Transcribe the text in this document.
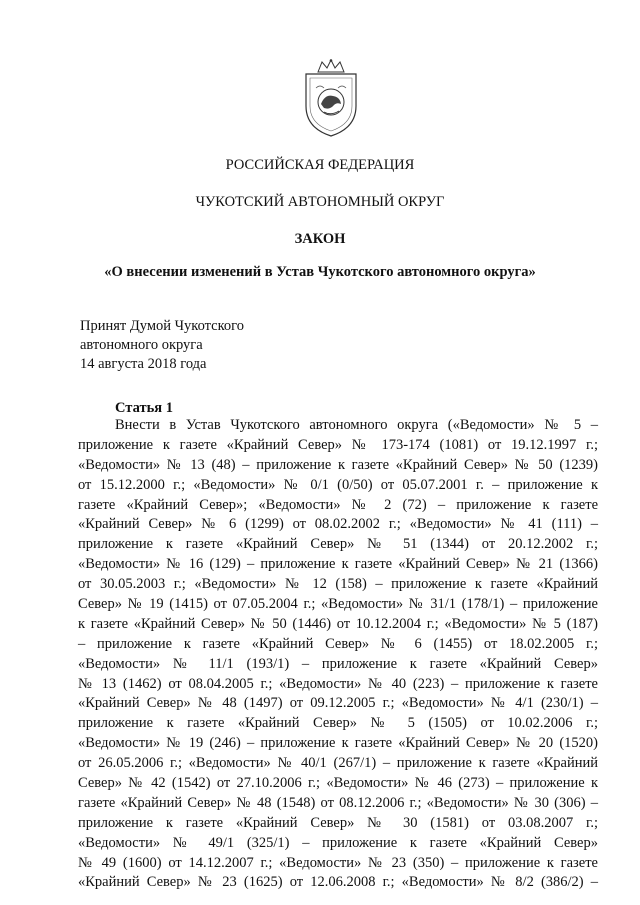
РОССИЙСКАЯ ФЕДЕРАЦИЯ
ЧУКОТСКИЙ АВТОНОМНЫЙ ОКРУГ
ЗАКОН
«О внесении изменений в Устав Чукотского автономного округа»
Принят Думой Чукотского
автономного округа
14 августа 2018 года
Статья 1
Внести в Устав Чукотского автономного округа («Ведомости» № 5 –
приложение к газете «Крайний Север» № 173-174 (1081) от 19.12.1997 г.;
«Ведомости» № 13 (48) – приложение к газете «Крайний Север» № 50 (1239)
от 15.12.2000 г.; «Ведомости» № 0/1 (0/50) от 05.07.2001 г. – приложение к
газете «Крайний Север»; «Ведомости» № 2 (72) – приложение к газете
«Крайний Север» № 6 (1299) от 08.02.2002 г.; «Ведомости» № 41 (111) –
приложение к газете «Крайний Север» № 51 (1344) от 20.12.2002 г.;
«Ведомости» № 16 (129) – приложение к газете «Крайний Север» № 21 (1366)
от 30.05.2003 г.; «Ведомости» № 12 (158) – приложение к газете «Крайний
Север» № 19 (1415) от 07.05.2004 г.; «Ведомости» № 31/1 (178/1) – приложение
к газете «Крайний Север» № 50 (1446) от 10.12.2004 г.; «Ведомости» № 5 (187)
– приложение к газете «Крайний Север» № 6 (1455) от 18.02.2005 г.;
«Ведомости» № 11/1 (193/1) – приложение к газете «Крайний Север»
№ 13 (1462) от 08.04.2005 г.; «Ведомости» № 40 (223) – приложение к газете
«Крайний Север» № 48 (1497) от 09.12.2005 г.; «Ведомости» № 4/1 (230/1) –
приложение к газете «Крайний Север» № 5 (1505) от 10.02.2006 г.;
«Ведомости» № 19 (246) – приложение к газете «Крайний Север» № 20 (1520)
от 26.05.2006 г.; «Ведомости» № 40/1 (267/1) – приложение к газете «Крайний
Север» № 42 (1542) от 27.10.2006 г.; «Ведомости» № 46 (273) – приложение к
газете «Крайний Север» № 48 (1548) от 08.12.2006 г.; «Ведомости» № 30 (306) –
приложение к газете «Крайний Север» № 30 (1581) от 03.08.2007 г.;
«Ведомости» № 49/1 (325/1) – приложение к газете «Крайний Север»
№ 49 (1600) от 14.12.2007 г.; «Ведомости» № 23 (350) – приложение к газете
«Крайний Север» № 23 (1625) от 12.06.2008 г.; «Ведомости» № 8/2 (386/2) –
